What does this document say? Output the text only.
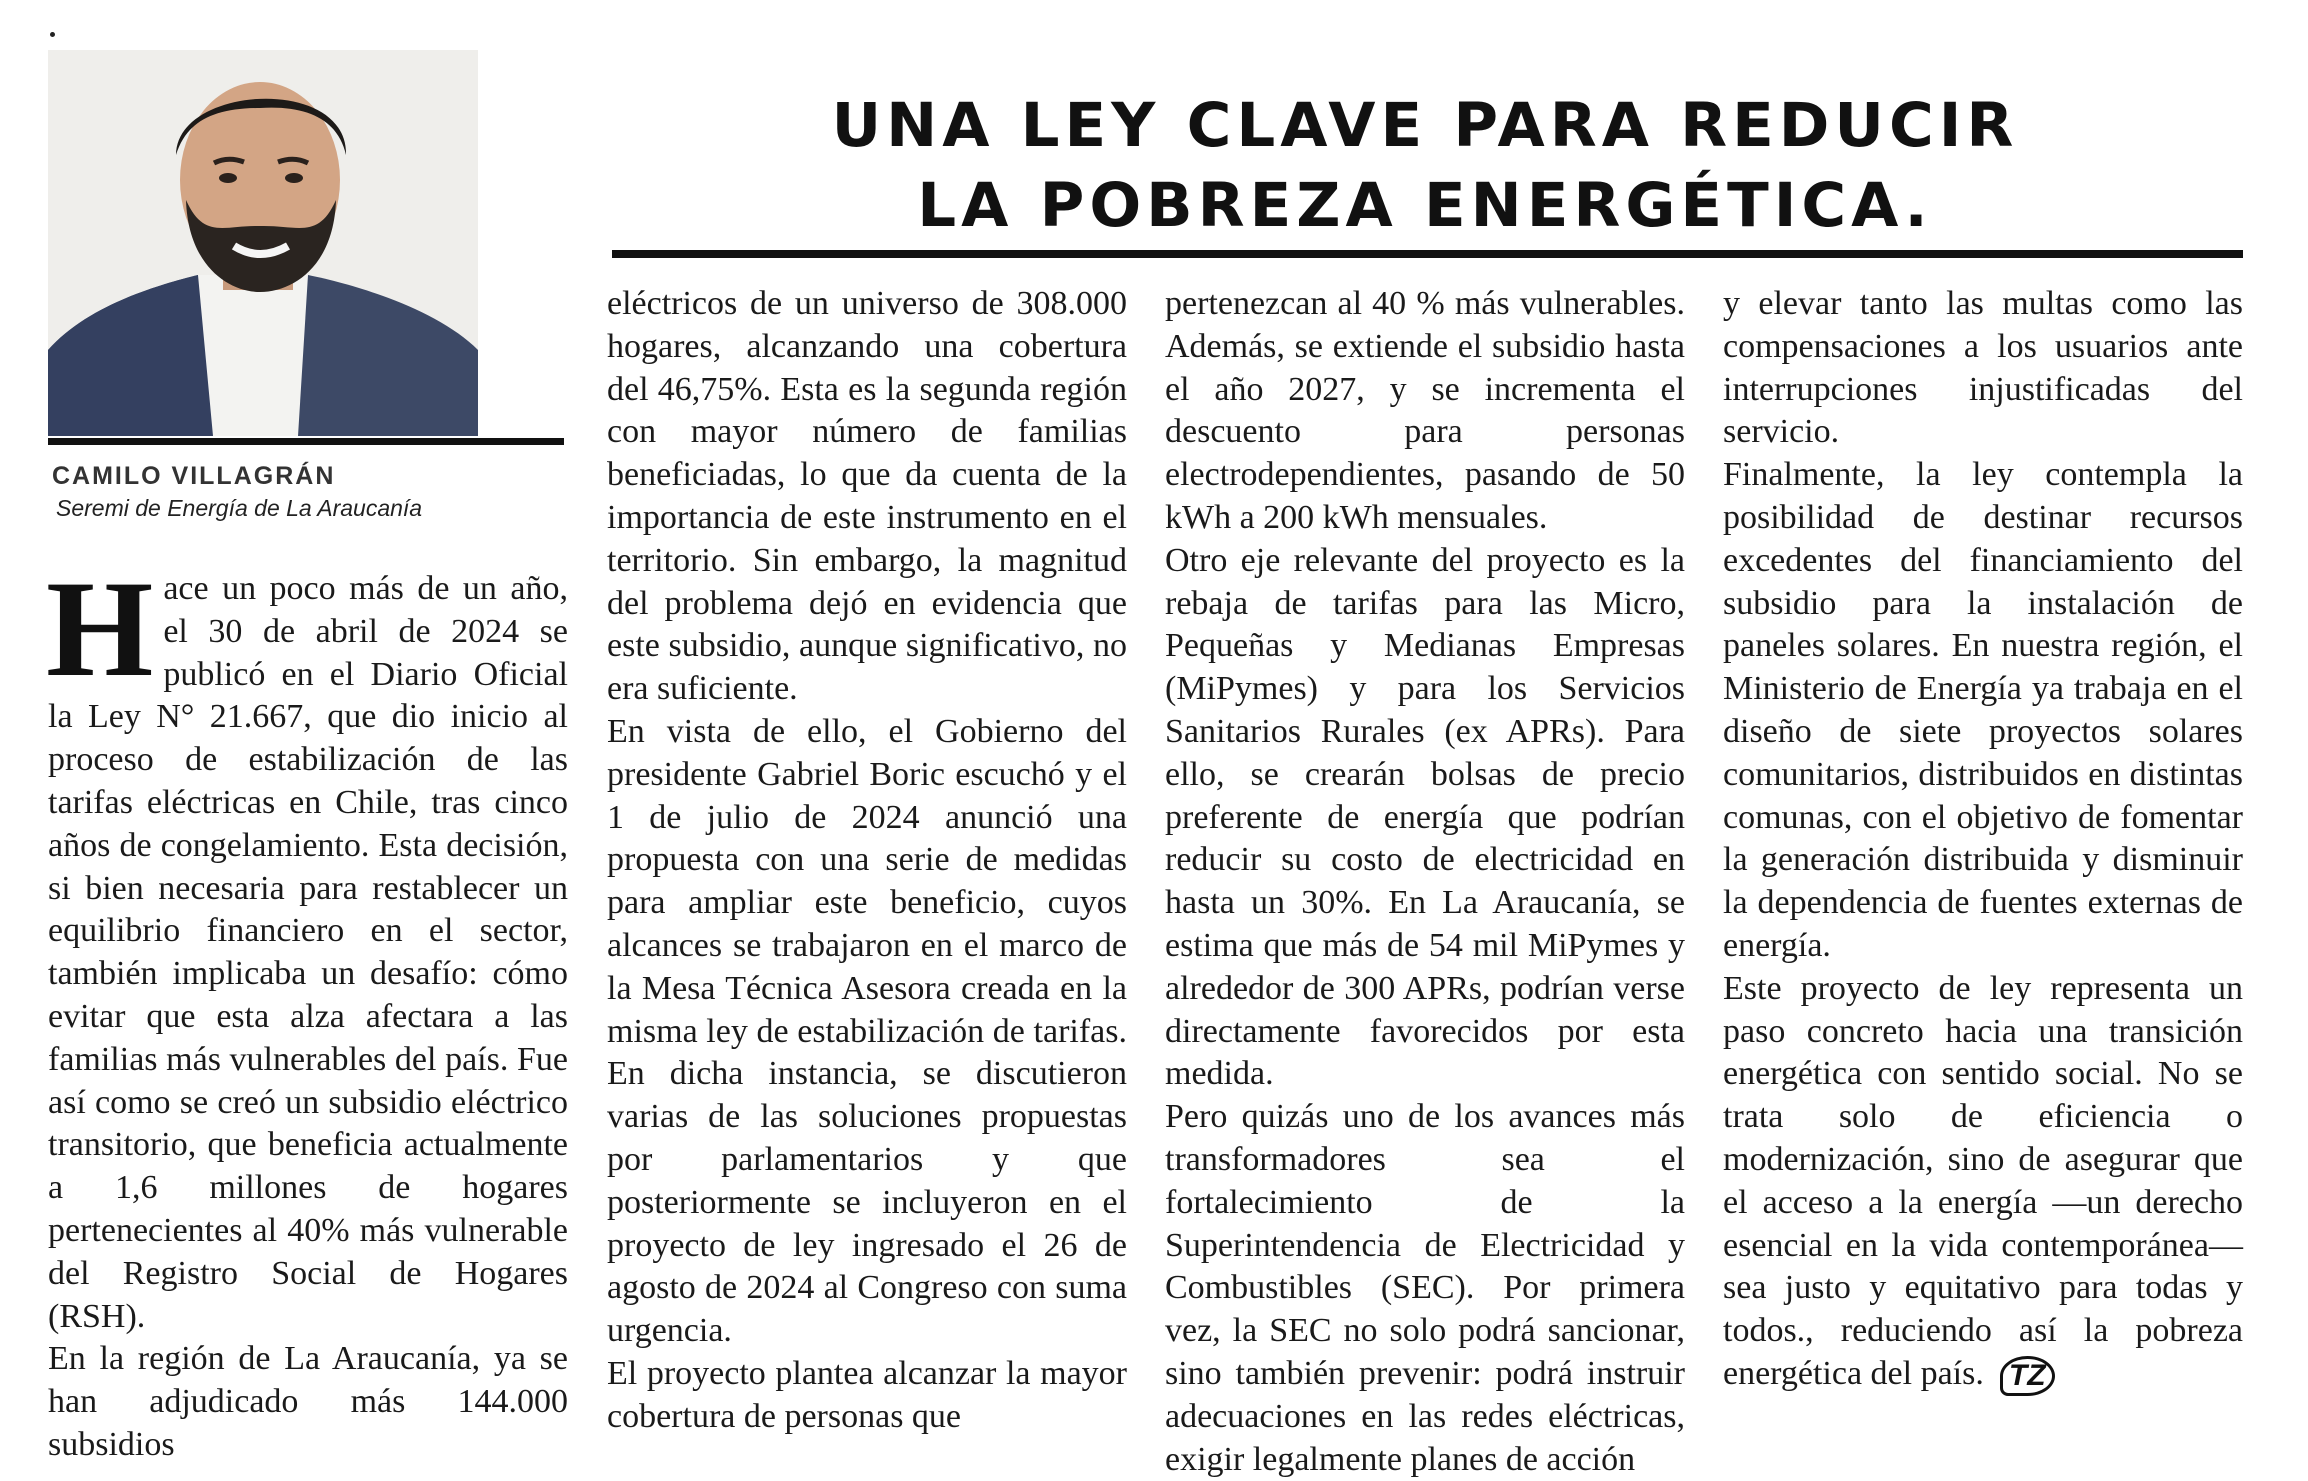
CAMILO VILLAGRÁN
Seremi de Energía de La Araucanía
UNA LEY CLAVE PARA REDUCIR
LA POBREZA ENERGÉTICA.

Hace un poco más de un año, el 30 de abril de 2024 se publicó en el Diario Oficial la Ley N° 21.667, que dio inicio al proceso de estabilización de las tarifas eléctricas en Chile, tras cinco años de congelamiento. Esta decisión, si bien necesaria para restablecer un equilibrio financiero en el sector, también implicaba un desafío: cómo evitar que esta alza afectara a las familias más vulnerables del país. Fue así como se creó un subsidio eléctrico transitorio, que beneficia actualmente a 1,6 millones de hogares pertenecientes al 40% más vulnerable del Registro Social de Hogares (RSH).

En la región de La Araucanía, ya se han adjudicado más 144.000 subsidios

eléctricos de un universo de 308.000 hogares, alcanzando una cobertura del 46,75%. Esta es la segunda región con mayor número de familias beneficiadas, lo que da cuenta de la importancia de este instrumento en el territorio. Sin embargo, la magnitud del problema dejó en evidencia que este subsidio, aunque significativo, no era suficiente.

En vista de ello, el Gobierno del presidente Gabriel Boric escuchó y el 1 de julio de 2024 anunció una propuesta con una serie de medidas para ampliar este beneficio, cuyos alcances se trabajaron en el marco de la Mesa Técnica Asesora creada en la misma ley de estabilización de tarifas. En dicha instancia, se discutieron varias de las soluciones propuestas por parlamentarios y que posteriormente se incluyeron en el proyecto de ley ingresado el 26 de agosto de 2024 al Congreso con suma urgencia.

El proyecto plantea alcanzar la mayor cobertura de personas que

pertenezcan al 40 % más vulnerables. Además, se extiende el subsidio hasta el año 2027, y se incrementa el descuento para personas electrodependientes, pasando de 50 kWh a 200 kWh mensuales.

Otro eje relevante del proyecto es la rebaja de tarifas para las Micro, Pequeñas y Medianas Empresas (MiPymes) y para los Servicios Sanitarios Rurales (ex APRs). Para ello, se crearán bolsas de precio preferente de energía que podrían reducir su costo de electricidad en hasta un 30%. En La Araucanía, se estima que más de 54 mil MiPymes y alrededor de 300 APRs, podrían verse directamente favorecidos por esta medida.

Pero quizás uno de los avances más transformadores sea el fortalecimiento de la Superintendencia de Electricidad y Combustibles (SEC). Por primera vez, la SEC no solo podrá sancionar, sino también prevenir: podrá instruir adecuaciones en las redes eléctricas, exigir legalmente planes de acción

y elevar tanto las multas como las compensaciones a los usuarios ante interrupciones injustificadas del servicio.

Finalmente, la ley contempla la posibilidad de destinar recursos excedentes del financiamiento del subsidio para la instalación de paneles solares. En nuestra región, el Ministerio de Energía ya trabaja en el diseño de siete proyectos solares comunitarios, distribuidos en distintas comunas, con el objetivo de fomentar la generación distribuida y disminuir la dependencia de fuentes externas de energía.

Este proyecto de ley representa un paso concreto hacia una transición energética con sentido social. No se trata solo de eficiencia o modernización, sino de asegurar que el acceso a la energía —un derecho esencial en la vida contemporánea— sea justo y equitativo para todas y todos., reduciendo así la pobreza energética del país. TZ
